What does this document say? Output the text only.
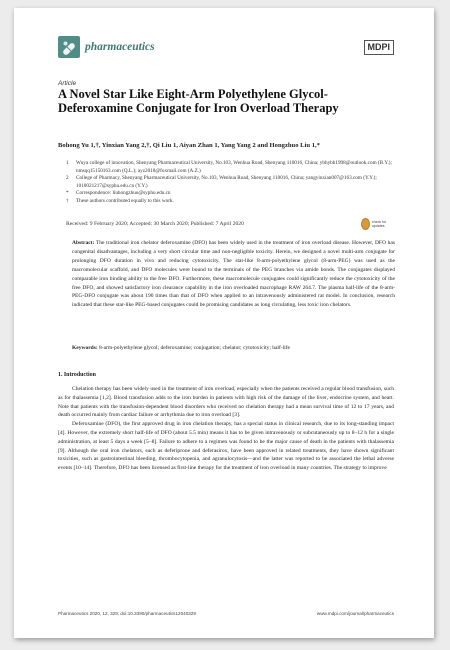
pharmaceutics	MDPI
Article
A Novel Star Like Eight-Arm Polyethylene Glycol-Deferoxamine Conjugate for Iron Overload Therapy
Bohong Yu 1,†, Yinxian Yang 2,†, Qi Liu 1, Aiyan Zhan 1, Yang Yang 2 and Hongzhuo Liu 1,*
1	Wuya college of innovation, Shenyang Pharmaceutical University, No.103, Wenhua Road, Shenyang 110016, China; ybhybh1998@outlook.com (B.Y.); nmsqq15150163.com (Q.L.); ayz2018@foxmail.com (A.Z.)
2	College of Pharmacy, Shenyang Pharmaceutical University, No.103, Wenhua Road, Shenyang 110016, China; yangyinxian007@163.com (Y.Y.); 1010021217@syphu.edu.cn (Y.Y.)
*	Correspondence: liuhongzhuo@syphu.edu.cn
†	These authors contributed equally to this work.
Received: 9 February 2020; Accepted: 30 March 2020; Published: 7 April 2020	check for updates
Abstract: The traditional iron chelator deferoxamine (DFO) has been widely used in the treatment of iron overload disease. However, DFO has congenital disadvantages, including a very short circular time and non-negligible toxicity. Herein, we designed a novel multi-arm conjugate for prolonging DFO duration in vivo and reducing cytotoxicity. The star-like 8-arm-polyethylene glycol (8-arm-PEG) was used as the macromolecular scaffold, and DFO molecules were bound to the terminals of the PEG branches via amide bonds. The conjugates displayed comparable iron binding ability to the free DFO. Furthermore, these macromolecule conjugates could significantly reduce the cytotoxicity of the free DFO, and showed satisfactory iron clearance capability in the iron overloaded macrophage RAW 264.7. The plasma half-life of the 8-arm-PEG-DFO conjugate was about 190 times than that of DFO when applied to an intravenously administered rat model. In conclusion, research indicated that these star-like PEG-based conjugates could be promising candidates as long circulating, less toxic iron chelators.
Keywords: 8-arm-polyethylene glycol; deferoxamine; conjugation; chelator; cytotoxicity; half-life
1. Introduction

Chelation therapy has been widely used in the treatment of iron overload, especially when the patients received a regular blood transfusion, such as for thalassemia [1,2]. Blood transfusion adds to the iron burden in patients with high risk of the damage of the liver, endocrine system, and heart. Note that patients with the transfusion-dependent blood disorders who received no chelation therapy had a mean survival time of 12 to 17 years, and death occurred mainly from cardiac failure or arrhythmia due to iron overload [3].

Deferoxamine (DFO), the first approved drug in iron chelation therapy, has a special status in clinical research, due to its long-standing impact [4]. However, the extremely short half-life of DFO (about 5.5 min) means it has to be given intravenously or subcutaneously up to 8–12 h for a single administration, at least 5 days a week [5–8]. Failure to adhere to a regimen was found to be the major cause of death in the patients with thalassemia [9]. Although the oral iron chelators, such as deferiprone and deferasirox, have been approved in related treatments, they have shown significant toxicities, such as gastrointestinal bleeding, thrombocytopenia, and agranulocytosis—and the latter was reported to be associated the lethal adverse events [10–14]. Therefore, DFO has been licensed as first-line therapy for the treatment of iron overload in many countries. The strategy to improve

Pharmaceutics 2020, 12, 329; doi:10.3390/pharmaceutics12040329	www.mdpi.com/journal/pharmaceutics
